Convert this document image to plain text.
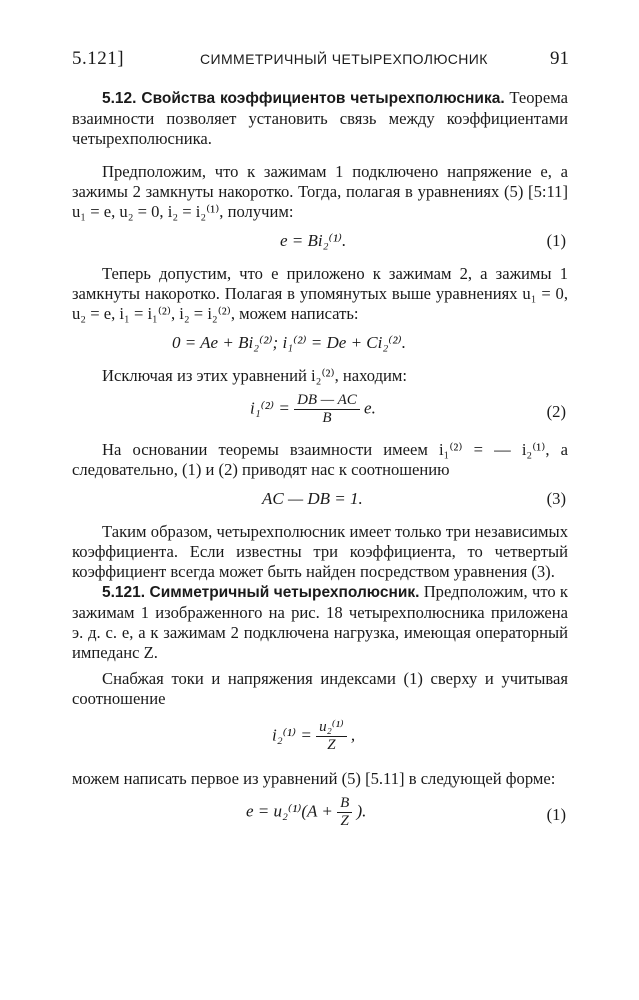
5.121]	СИММЕТРИЧНЫЙ ЧЕТЫРЕХПОЛЮСНИК	91

5.12. Свойства коэффициентов четырехполюсника. Теорема взаимности позволяет установить связь между коэффициентами четырехполюсника.

Предположим, что к зажимам 1 подключено напряжение e, а зажимы 2 замкнуты накоротко. Тогда, полагая в уравнениях (5) [5:11] u₁ = e, u₂ = 0, i₂ = i₂⁽¹⁾, получим:

e = Bi₂⁽¹⁾.	(1)

Теперь допустим, что e приложено к зажимам 2, а зажимы 1 замкнуты накоротко. Полагая в упомянутых выше уравнениях u₁ = 0, u₂ = e, i₁ = i₁⁽²⁾, i₂ = i₂⁽²⁾, можем написать:

0 = Ae + Bi₂⁽²⁾; i₁⁽²⁾ = De + Ci₂⁽²⁾.

Исключая из этих уравнений i₂⁽²⁾, находим:

$i_1^{(2)} = \frac{DB — AC}{B} e$.	(2)

На основании теоремы взаимности имеем i₁⁽²⁾ = — i₂⁽¹⁾, а следовательно, (1) и (2) приводят нас к соотношению

AC — DB = 1.	(3)

Таким образом, четырехполюсник имеет только три независимых коэффициента. Если известны три коэффициента, то четвертый коэффициент всегда может быть найден посредством уравнения (3).

5.121. Симметричный четырехполюсник. Предположим, что к зажимам 1 изображенного на рис. 18 четырехполюсника приложена э. д. с. e, а к зажимам 2 подключена нагрузка, имеющая операторный импеданс Z.

Снабжая токи и напряжения индексами (1) сверху и учитывая соотношение

$i_2^{(1)} = \frac{\text{u₂⁽¹⁾}}{Z}$ ,

можем написать первое из уравнений (5) [5.11] в следующей форме:

$e = u_2^{(1)}(A + \frac{B}{Z}$ ).	(1)
